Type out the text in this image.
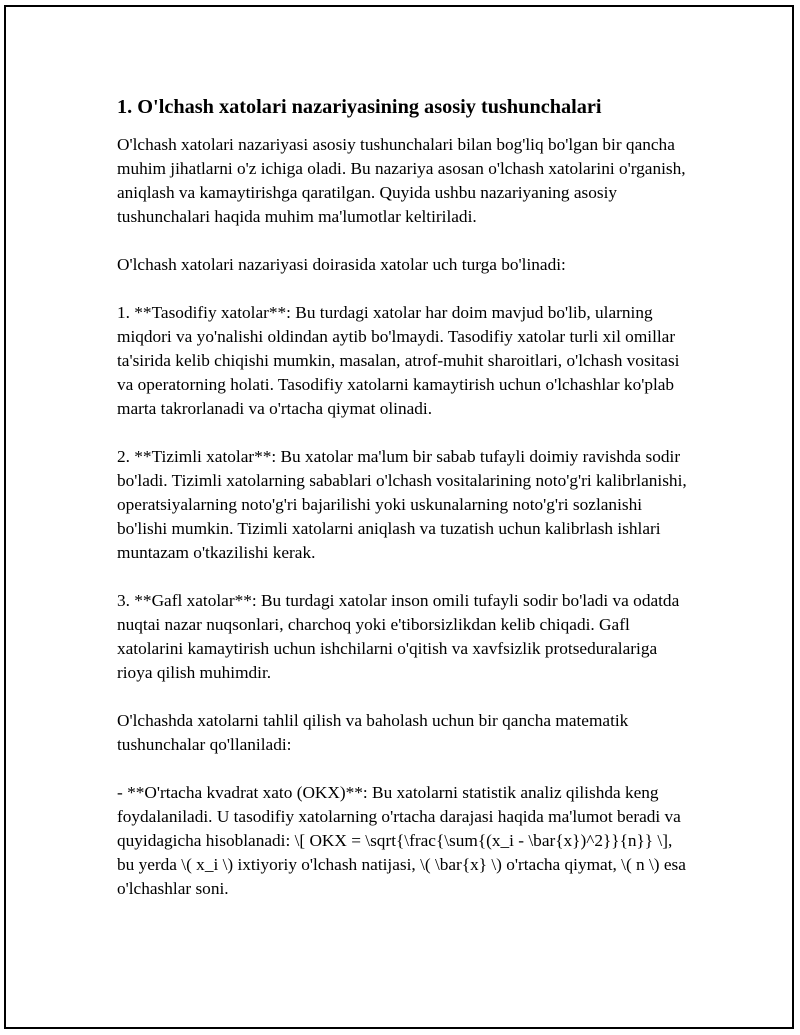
1. O'lchash xatolari nazariyasining asosiy tushunchalari

O'lchash xatolari nazariyasi asosiy tushunchalari bilan bog'liq bo'lgan bir qancha muhim jihatlarni o'z ichiga oladi. Bu nazariya asosan o'lchash xatolarini o'rganish, aniqlash va kamaytirishga qaratilgan. Quyida ushbu nazariyaning asosiy tushunchalari haqida muhim ma'lumotlar keltiriladi.

O'lchash xatolari nazariyasi doirasida xatolar uch turga bo'linadi:

1. **Tasodifiy xatolar**: Bu turdagi xatolar har doim mavjud bo'lib, ularning miqdori va yo'nalishi oldindan aytib bo'lmaydi. Tasodifiy xatolar turli xil omillar ta'sirida kelib chiqishi mumkin, masalan, atrof-muhit sharoitlari, o'lchash vositasi va operatorning holati. Tasodifiy xatolarni kamaytirish uchun o'lchashlar ko'plab marta takrorlanadi va o'rtacha qiymat olinadi.

2. **Tizimli xatolar**: Bu xatolar ma'lum bir sabab tufayli doimiy ravishda sodir bo'ladi. Tizimli xatolarning sabablari o'lchash vositalarining noto'g'ri kalibrlanishi, operatsiyalarning noto'g'ri bajarilishi yoki uskunalarning noto'g'ri sozlanishi bo'lishi mumkin. Tizimli xatolarni aniqlash va tuzatish uchun kalibrlash ishlari muntazam o'tkazilishi kerak.

3. **Gafl xatolar**: Bu turdagi xatolar inson omili tufayli sodir bo'ladi va odatda nuqtai nazar nuqsonlari, charchoq yoki e'tiborsizlikdan kelib chiqadi. Gafl xatolarini kamaytirish uchun ishchilarni o'qitish va xavfsizlik protseduralariga rioya qilish muhimdir.

O'lchashda xatolarni tahlil qilish va baholash uchun bir qancha matematik tushunchalar qo'llaniladi:

- **O'rtacha kvadrat xato (OKX)**: Bu xatolarni statistik analiz qilishda keng foydalaniladi. U tasodifiy xatolarning o'rtacha darajasi haqida ma'lumot beradi va quyidagicha hisoblanadi: \[ OKX = \sqrt{\frac{\sum{(x_i - \bar{x})^2}}{n}} \], bu yerda \( x_i \) ixtiyoriy o'lchash natijasi, \( \bar{x} \) o'rtacha qiymat, \( n \) esa o'lchashlar soni.
